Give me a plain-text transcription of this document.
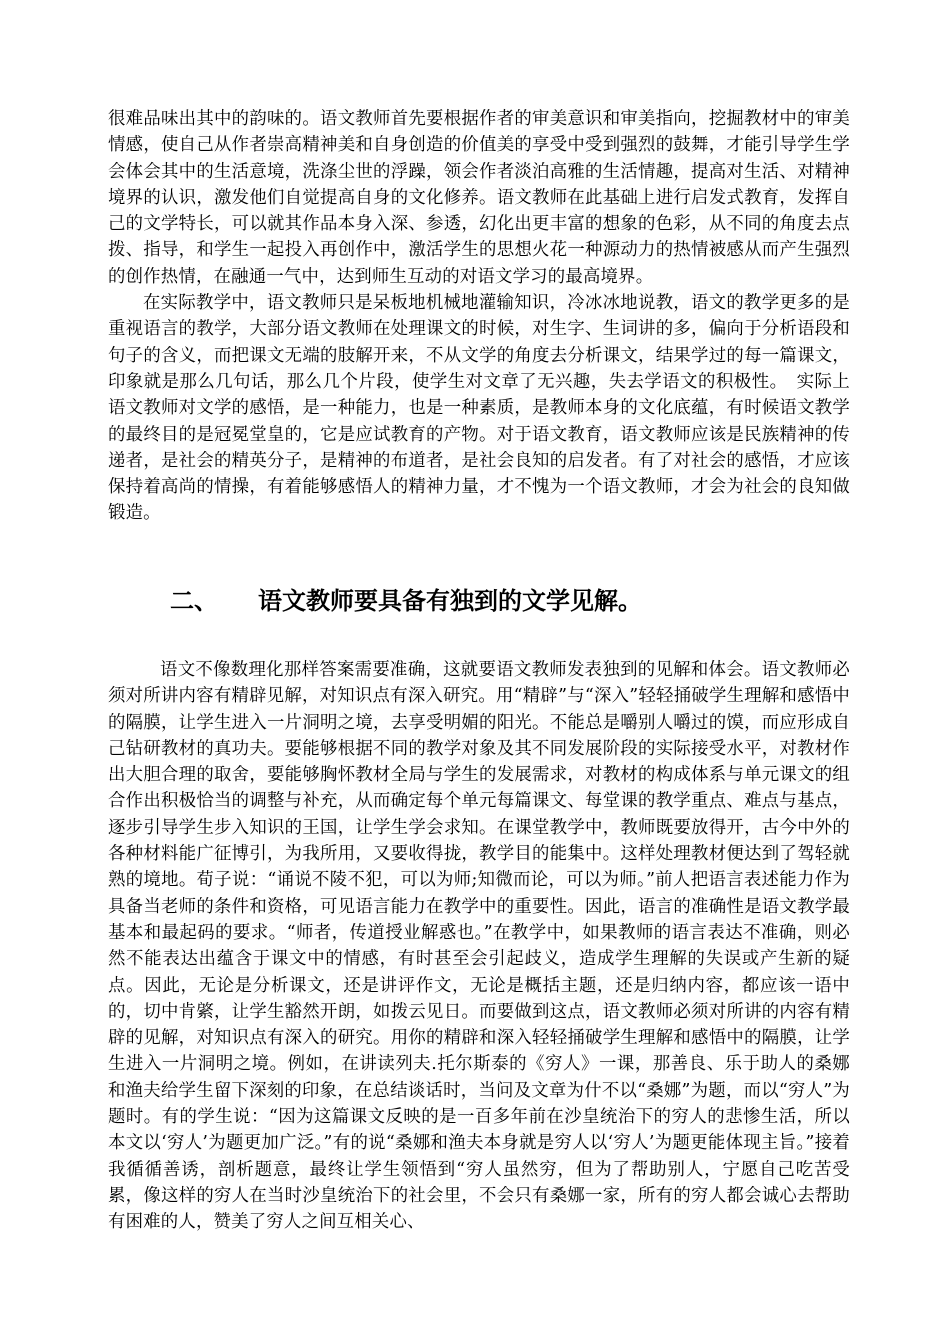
很难品味出其中的韵味的。语文教师首先要根据作者的审美意识和审美指向，挖掘教材中的审美情感，使自己从作者崇高精神美和自身创造的价值美的享受中受到强烈的鼓舞，才能引导学生学会体会其中的生活意境，洗涤尘世的浮躁，领会作者淡泊高雅的生活情趣，提高对生活、对精神境界的认识，激发他们自觉提高自身的文化修养。语文教师在此基础上进行启发式教育，发挥自己的文学特长，可以就其作品本身入深、参透，幻化出更丰富的想象的色彩，从不同的角度去点拨、指导，和学生一起投入再创作中，激活学生的思想火花一种源动力的热情被感从而产生强烈的创作热情，在融通一气中，达到师生互动的对语文学习的最高境界。

在实际教学中，语文教师只是呆板地机械地灌输知识，冷冰冰地说教，语文的教学更多的是重视语言的教学，大部分语文教师在处理课文的时候，对生字、生词讲的多，偏向于分析语段和句子的含义，而把课文无端的肢解开来，不从文学的角度去分析课文，结果学过的每一篇课文，印象就是那么几句话，那么几个片段，使学生对文章了无兴趣，失去学语文的积极性。　实际上语文教师对文学的感悟，是一种能力，也是一种素质，是教师本身的文化底蕴，有时候语文教学的最终目的是冠冕堂皇的，它是应试教育的产物。对于语文教育，语文教师应该是民族精神的传递者，是社会的精英分子，是精神的布道者，是社会良知的启发者。有了对社会的感悟，才应该保持着高尚的情操，有着能够感悟人的精神力量，才不愧为一个语文教师，才会为社会的良知做锻造。

二、 语文教师要具备有独到的文学见解。

语文不像数理化那样答案需要准确，这就要语文教师发表独到的见解和体会。语文教师必须对所讲内容有精辟见解，对知识点有深入研究。用“精辟”与“深入”轻轻捅破学生理解和感悟中的隔膜，让学生进入一片洞明之境，去享受明媚的阳光。不能总是嚼别人嚼过的馍，而应形成自己钻研教材的真功夫。要能够根据不同的教学对象及其不同发展阶段的实际接受水平，对教材作出大胆合理的取舍，要能够胸怀教材全局与学生的发展需求，对教材的构成体系与单元课文的组合作出积极恰当的调整与补充，从而确定每个单元每篇课文、每堂课的教学重点、难点与基点，逐步引导学生步入知识的王国，让学生学会求知。在课堂教学中，教师既要放得开，古今中外的各种材料能广征博引，为我所用，又要收得拢，教学目的能集中。这样处理教材便达到了驾轻就熟的境地。荀子说：“诵说不陵不犯，可以为师;知微而论，可以为师。”前人把语言表述能力作为具备当老师的条件和资格，可见语言能力在教学中的重要性。因此，语言的准确性是语文教学最基本和最起码的要求。“师者，传道授业解惑也。”在教学中，如果教师的语言表达不准确，则必然不能表达出蕴含于课文中的情感，有时甚至会引起歧义，造成学生理解的失误或产生新的疑点。因此，无论是分析课文，还是讲评作文，无论是概括主题，还是归纳内容，都应该一语中的，切中肯綮，让学生豁然开朗，如拨云见日。而要做到这点，语文教师必须对所讲的内容有精辟的见解，对知识点有深入的研究。用你的精辟和深入轻轻捅破学生理解和感悟中的隔膜，让学生进入一片洞明之境。例如，在讲读列夫.托尔斯泰的《穷人》一课，那善良、乐于助人的桑娜和渔夫给学生留下深刻的印象，在总结谈话时，当问及文章为什不以“桑娜”为题，而以“穷人”为题时。有的学生说：“因为这篇课文反映的是一百多年前在沙皇统治下的穷人的悲惨生活，所以本文以‘穷人’为题更加广泛。”有的说“桑娜和渔夫本身就是穷人以‘穷人’为题更能体现主旨。”接着我循循善诱，剖析题意，最终让学生领悟到“穷人虽然穷，但为了帮助别人，宁愿自己吃苦受累，像这样的穷人在当时沙皇统治下的社会里，不会只有桑娜一家，所有的穷人都会诚心去帮助有困难的人，赞美了穷人之间互相关心、
